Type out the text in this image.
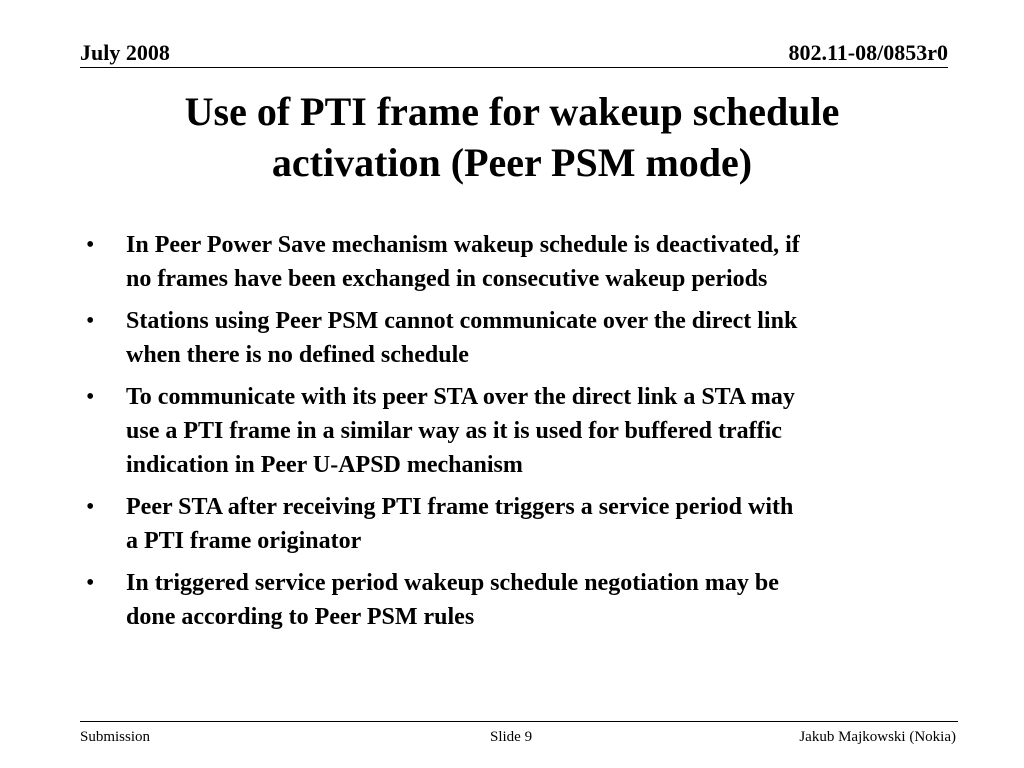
July 2008	802.11-08/0853r0
Use of PTI frame for wakeup schedule
activation (Peer PSM mode)
• In Peer Power Save mechanism wakeup schedule is deactivated, if
no frames have been exchanged in consecutive wakeup periods
• Stations using Peer PSM cannot communicate over the direct link
when there is no defined schedule
• To communicate with its peer STA over the direct link a STA may
use a PTI frame in a similar way as it is used for buffered traffic
indication in Peer U-APSD mechanism
• Peer STA after receiving PTI frame triggers a service period with
a PTI frame originator
• In triggered service period wakeup schedule negotiation may be
done according to Peer PSM rules
Submission	Slide 9	Jakub Majkowski (Nokia)
